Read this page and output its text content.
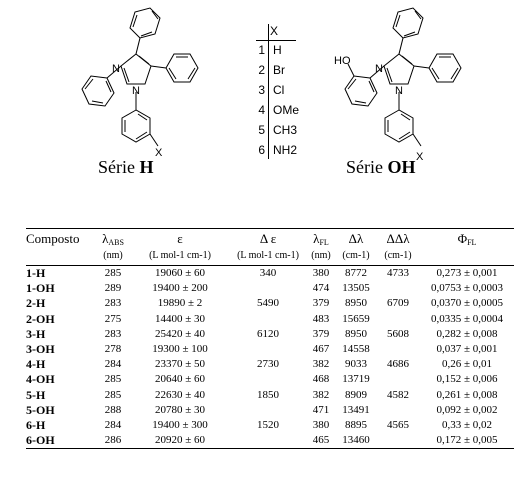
N
N
X
HO
N
N
X
Série H	Série OH
X
1 H
2 Br
3 Cl
4 OMe
5 CH3
6 NH2
Composto	$\lambda_{ABS}$	ε	Δ ε	$\lambda_{FL}$	Δλ	ΔΔλ	$\Phi_{FL}$
	(nm)	(L mol-1 cm-1)	(L mol-1 cm-1)	(nm)	(cm-1)	(cm-1)	
1-H	285	19060 ± 60	340	380	8772	4733	0,273 ± 0,001
1-OH	289	19400 ± 200		474	13505		0,0753 ± 0,0003
2-H	283	19890 ± 2	5490	379	8950	6709	0,0370 ± 0,0005
2-OH	275	14400 ± 30		483	15659		0,0335 ± 0,0004
3-H	283	25420 ± 40	6120	379	8950	5608	0,282 ± 0,008
3-OH	278	19300 ± 100		467	14558		0,037 ± 0,001
4-H	284	23370 ± 50	2730	382	9033	4686	0,26 ± 0,01
4-OH	285	20640 ± 60		468	13719		0,152 ± 0,006
5-H	285	22630 ± 40	1850	382	8909	4582	0,261 ± 0,008
5-OH	288	20780 ± 30		471	13491		0,092 ± 0,002
6-H	284	19400 ± 300	1520	380	8895	4565	0,33 ± 0,02
6-OH	286	20920 ± 60		465	13460		0,172 ± 0,005
